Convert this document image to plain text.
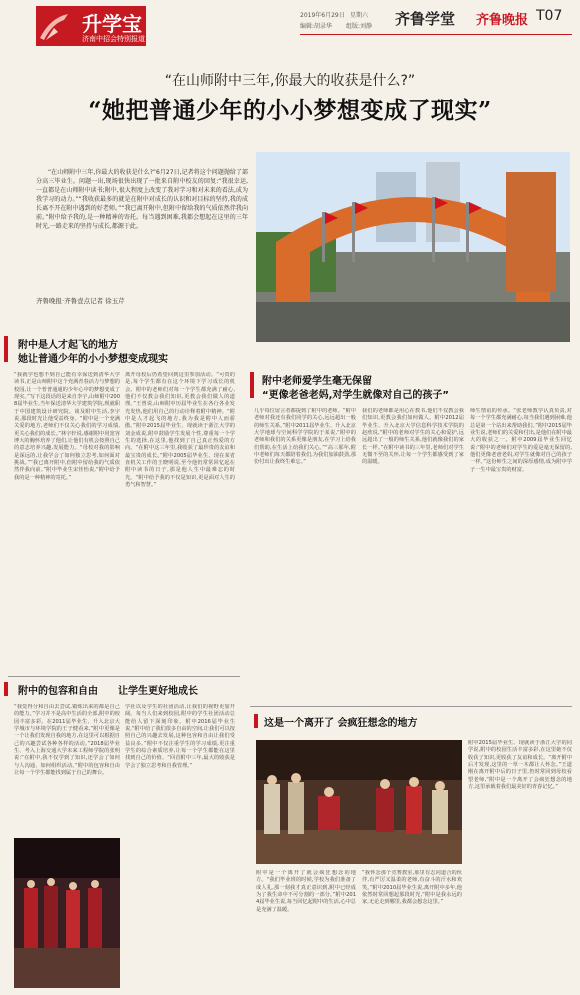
升学宝
济南中招会特别报道
2019年6月29日 星期六
编辑:胡录华 组版:刘静 齐鲁学堂 齐鲁晚报 T07
“在山师附中三年,你最大的收获是什么?”
“她把普通少年的小小梦想变成了现实”
“在山师附中三年,你最大的收获是什么?”6月27日,记者将这个问题抛给了部分高三毕业生。问题一出,现场很快出现了一批来自附中校友的回复:“我很幸运,一直都是在山师附中读书;附中,很大程度上改变了我对学习和对未来的看法,成为我学习的动力。”“我收获最多的就是在附中对成长的认识和对目标的坚持,我的成长离不开在附中遇到的好老师。”“我已离开附中,但附中留给我的气质依然伴我向前。”附中给予我的,是一种精神的寄托。每当遇到困难,我都会想起在这里的三年时光,一路走来的坚持与成长,都源于此。
齐鲁晚报·齐鲁壹点记者 徐玉芹
附中是人才起飞的地方
她让普通少年的小小梦想变成现实
“我就学也想不到自己能有幸保送到清华大学读书,正是山师附中这个充满青春活力与梦想的校园,让一个普普通通的少年心中的梦想变成了现实。”写下这段话的是来自李宇,山师附中2008届毕业生,当年保送清华大学建筑学院,现就职于中国建筑设计研究院。谈及附中生活,李宇说,那段时光让他受益终身。“附中是一个充满关爱的地方,老师们不仅关心我们的学习成绩,更关心我们的成长。”林宇轩说,感谢附中用宽容博大的胸怀培养了他们,让他们有机会按照自己的意志培养兴趣,发展能力。“母校对我的影响是深远的,让我学会了如何独立思考,如何面对挑战。”“我已离开附中,但附中留给我的气质依然伴我向前。”附中毕业生宋佳怡说,“附中给予我的是一种精神的寄托。”
离开母校后仍希望回到这里参加活动。“可贵的是,每个学生都有在这个环境下学习成长的机会。附中的老师们对每一个学生都充满了耐心,他们不仅教会我们知识,更教会我们做人的道理。”王曾说,山师附中历届毕业生在各行各业发光发热,他们用自己的行动诠释着附中精神。“附中是人才起飞的地方,我为我是附中人而骄傲。”附中2015届毕业生、现就读于浙江大学的刘金成说,附中鼓励学生发展个性,尊重每一个学生的选择,在这里,他找到了自己真正热爱的方向。“在附中这三年里,我收获了最珍贵的友谊和最宝贵的成长。”附中2005届毕业生、现在某省直机关工作的王晓明说,至今他仍常常回忆起在附中读书的日子,那是他人生中最难忘的时光。“附中给予我的不仅是知识,更是面对人生的勇气和智慧。”
附中老师爱学生毫无保留
“更像老爸老妈,对学生就像对自己的孩子”
几乎每位留言者都提到了附中的老师。“附中老师对我还有我们同学的关心,远远超出一般的师生关系。”附中2011届毕业生、升入北京大学地球与空间科学学院的于某说,“附中的老师和我们的关系更像是朋友,在学习上给我们帮助,在生活上给我们关心。”“高三那年,附中老师们每天都陪着我们,为我们加油鼓劲,那份付出让我终生难忘。”
我们的老师都是用心在教书,他们不仅教会我们知识,更教会我们如何做人。附中2012届毕业生、升入北京大学信息科学技术学院的赵欣说,“附中的老师对学生的关心和爱护,远远超出了一般的师生关系,他们就像我们的家长一样。”在附中读书的三年里,老师们对学生无微不至的关怀,让每一个学生都感受到了家的温暖。
师生情谊的传承。“张老师教学认真负责,对每一个学生都充满耐心,每当我们遇到困难,他总是第一个站出来帮助我们。”附中2015届毕业生说,老师们的关爱和付出,是他们在附中最大的收获之一。附中2009届毕业生回忆说:“附中的老师们对学生的爱是毫无保留的,他们更像老爸老妈,对学生就像对自己的孩子一样。”这份师生之间的深厚感情,成为附中学子一生中最宝贵的财富。
附中的包容和自由 让学生更好地成长
“我觉得分和自由去尝试,锻炼出来的都是自己的能力。”学习并不是高中生活的全部,附中的校园丰富多彩。在2011届毕业生、升入北京大学城市与环境学院的王子健看来,“附中更像是一个让我们发现自我的地方,在这里可以根据自己的兴趣尝试各种各样的活动。”2018届毕业生、考入上海交通大学未来工程师学院的张明说:“在附中,我不仅学到了知识,还学会了如何与人沟通、如何组织活动。”附中的包容和自由让每一个学生都能找到属于自己的舞台。
学社以及学生的社团活动,让我们的视野更加开阔。每当人们来到校园,附中的学生社团活动总能给人留下深刻印象。附中2016届毕业生说,“附中给了我们很多自由的空间,让我们可以按照自己的兴趣去发展,这种包容和自由让我们受益良多。”附中不仅注重学生的学习成绩,更注重学生的综合素质培养,让每一个学生都能在这里找到自己的价值。“回首附中三年,最大的收获是学会了独立思考和自我管理。”
这是一个离开了 会疯狂想念的地方
附中是一个离开了就会疯狂想念的地方。“我们毕业班的时候,学校为我们准备了成人礼,那一刻我才真正意识到,附中已经成为了我生命中不可分割的一部分。”附中2014届毕业生说,每当回忆起附中的生活,心中总是充满了温暖。
“我怀念那个竞赛教室,那里有志同道合的伙伴,有严厉又温柔的老师,有奋斗的汗水和欢笑。”附中2010届毕业生说,离开附中多年,他依然时常回想起那段时光,“附中是我永远的家,无论走到哪里,我都会想念这里。”
附中2015届毕业生、现就读于浙江大学的同学说,附中的校园生活丰富多彩,在这里她不仅收获了知识,更收获了友谊和成长。“离开附中后才发现,这里的一草一木都让人怀念。”王道刚在离开附中后的日子里,仍时常回到母校看望老师,“附中是一个离开了会疯狂想念的地方,这里承载着我们最美好的青春记忆。”
